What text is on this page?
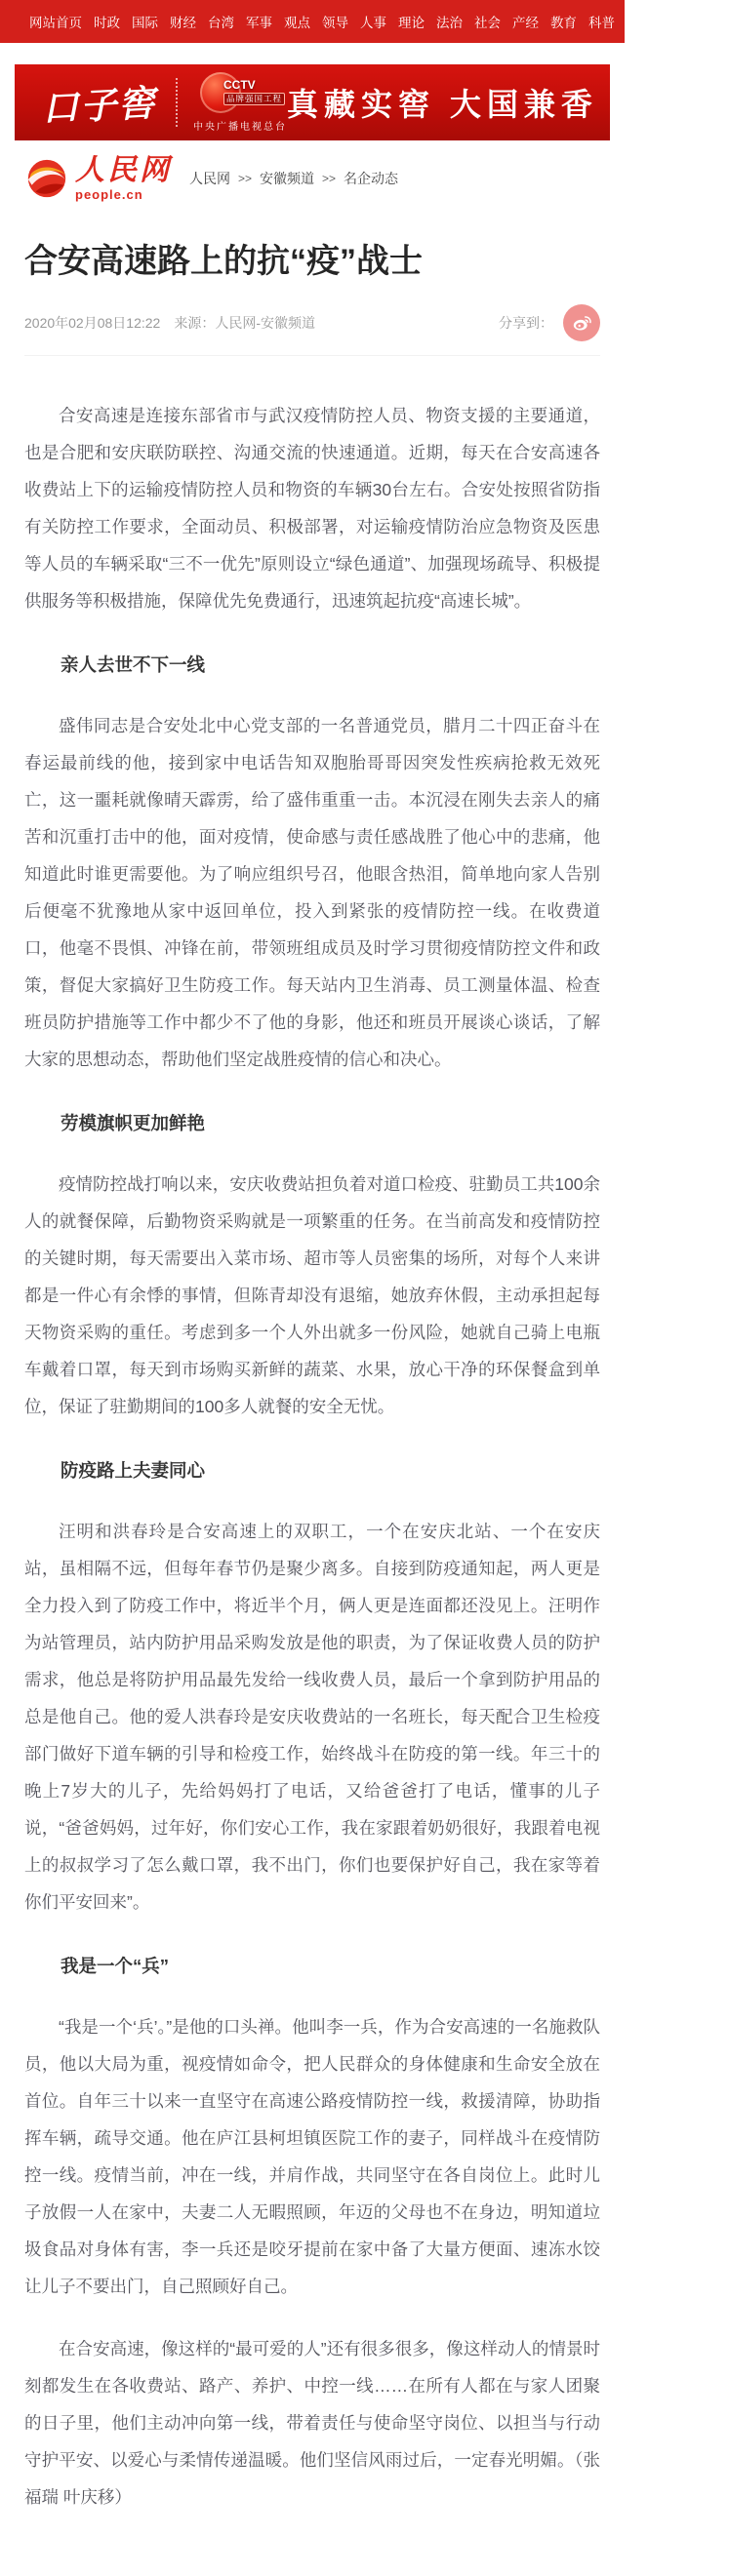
网站首页 时政 国际 财经 台湾 军事 观点 领导 人事 理论 法治 社会 产经 教育 科普 体育 文化 书画
口子窖	CCTV
品牌强国工程
中央广播电视总台
真藏实窖 大国兼香
人民网
people.cn
人民网 >> 安徽频道 >> 名企动态
合安高速路上的抗“疫”战士
2020年02月08日12:22 来源：人民网-安徽频道	分享到：

合安高速是连接东部省市与武汉疫情防控人员、物资支援的主要通道，也是合肥和安庆联防联控、沟通交流的快速通道。近期，每天在合安高速各收费站上下的运输疫情防控人员和物资的车辆30台左右。合安处按照省防指有关防控工作要求，全面动员、积极部署，对运输疫情防治应急物资及医患等人员的车辆采取“三不一优先”原则设立“绿色通道”、加强现场疏导、积极提供服务等积极措施，保障优先免费通行，迅速筑起抗疫“高速长城”。

亲人去世不下一线

盛伟同志是合安处北中心党支部的一名普通党员，腊月二十四正奋斗在春运最前线的他，接到家中电话告知双胞胎哥哥因突发性疾病抢救无效死亡，这一噩耗就像晴天霹雳，给了盛伟重重一击。本沉浸在刚失去亲人的痛苦和沉重打击中的他，面对疫情，使命感与责任感战胜了他心中的悲痛，他知道此时谁更需要他。为了响应组织号召，他眼含热泪，简单地向家人告别后便毫不犹豫地从家中返回单位，投入到紧张的疫情防控一线。在收费道口，他毫不畏惧、冲锋在前，带领班组成员及时学习贯彻疫情防控文件和政策，督促大家搞好卫生防疫工作。每天站内卫生消毒、员工测量体温、检查班员防护措施等工作中都少不了他的身影，他还和班员开展谈心谈话，了解大家的思想动态，帮助他们坚定战胜疫情的信心和决心。

劳模旗帜更加鲜艳

疫情防控战打响以来，安庆收费站担负着对道口检疫、驻勤员工共100余人的就餐保障，后勤物资采购就是一项繁重的任务。在当前高发和疫情防控的关键时期，每天需要出入菜市场、超市等人员密集的场所，对每个人来讲都是一件心有余悸的事情，但陈青却没有退缩，她放弃休假，主动承担起每天物资采购的重任。考虑到多一个人外出就多一份风险，她就自己骑上电瓶车戴着口罩，每天到市场购买新鲜的蔬菜、水果，放心干净的环保餐盒到单位，保证了驻勤期间的100多人就餐的安全无忧。

防疫路上夫妻同心

汪明和洪春玲是合安高速上的双职工，一个在安庆北站、一个在安庆站，虽相隔不远，但每年春节仍是聚少离多。自接到防疫通知起，两人更是全力投入到了防疫工作中，将近半个月，俩人更是连面都还没见上。汪明作为站管理员，站内防护用品采购发放是他的职责，为了保证收费人员的防护需求，他总是将防护用品最先发给一线收费人员，最后一个拿到防护用品的总是他自己。他的爱人洪春玲是安庆收费站的一名班长，每天配合卫生检疫部门做好下道车辆的引导和检疫工作，始终战斗在防疫的第一线。年三十的晚上7岁大的儿子，先给妈妈打了电话，又给爸爸打了电话，懂事的儿子说，“爸爸妈妈，过年好，你们安心工作，我在家跟着奶奶很好，我跟着电视上的叔叔学习了怎么戴口罩，我不出门，你们也要保护好自己，我在家等着你们平安回来”。

我是一个“兵”

“我是一个‘兵’。”是他的口头禅。他叫李一兵，作为合安高速的一名施救队员，他以大局为重，视疫情如命令，把人民群众的身体健康和生命安全放在首位。自年三十以来一直坚守在高速公路疫情防控一线，救援清障，协助指挥车辆，疏导交通。他在庐江县柯坦镇医院工作的妻子，同样战斗在疫情防控一线。疫情当前，冲在一线，并肩作战，共同坚守在各自岗位上。此时儿子放假一人在家中，夫妻二人无暇照顾，年迈的父母也不在身边，明知道垃圾食品对身体有害，李一兵还是咬牙提前在家中备了大量方便面、速冻水饺让儿子不要出门，自己照顾好自己。

在合安高速，像这样的“最可爱的人”还有很多很多，像这样动人的情景时刻都发生在各收费站、路产、养护、中控一线……在所有人都在与家人团聚的日子里，他们主动冲向第一线，带着责任与使命坚守岗位、以担当与行动守护平安、以爱心与柔情传递温暖。他们坚信风雨过后，一定春光明媚。（张福瑞 叶庆移）
